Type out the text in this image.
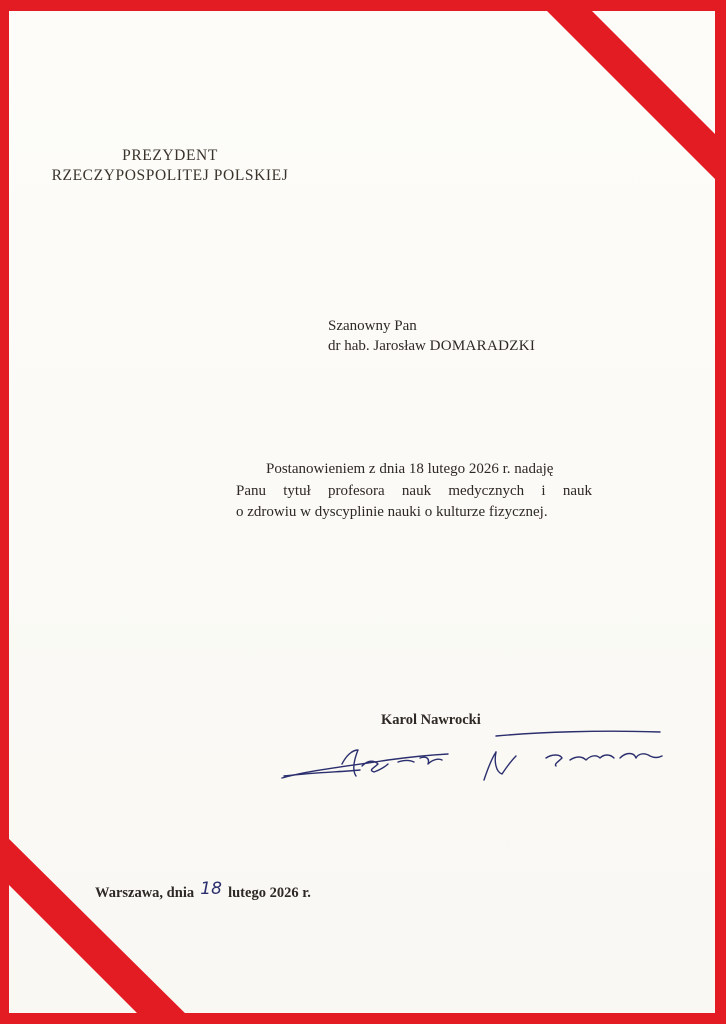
PREZYDENT
RZECZYPOSPOLITEJ POLSKIEJ
Szanowny Pan
dr hab. Jarosław DOMARADZKI
Postanowieniem z dnia 18 lutego 2026 r. nadaję
Panu tytuł profesora nauk medycznych i nauk
o zdrowiu w dyscyplinie nauki o kulturze fizycznej.
Karol Nawrocki
Warszawa, dnia 18 lutego 2026 r.
